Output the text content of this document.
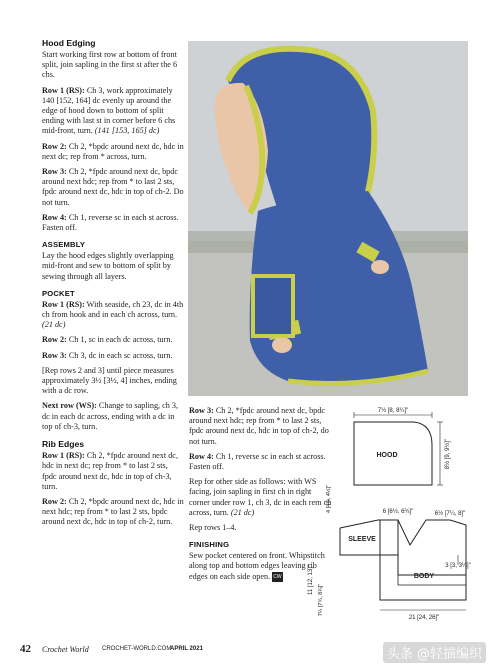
Hood Edging

Start working first row at bottom of front split, join sapling in the first st after the 6 chs.

Row 1 (RS): Ch 3, work approximately 140 [152, 164] dc evenly up around the edge of hood down to bottom of split ending with last st in corner before 6 chs mid-front, turn. (141 [153, 165] dc)

Row 2: Ch 2, *bpdc around next dc, hdc in next dc; rep from * across, turn.

Row 3: Ch 2, *fpdc around next dc, bpdc around next hdc; rep from * to last 2 sts, fpdc around next dc, hdc in top of ch-2. Do not turn.

Row 4: Ch 1, reverse sc in each st across. Fasten off.

ASSEMBLY

Lay the hood edges slightly overlapping mid-front and sew to bottom of split by sewing through all layers.

POCKET

Row 1 (RS): With seaside, ch 23, dc in 4th ch from hook and in each ch across, turn. (21 dc)

Row 2: Ch 1, sc in each dc across, turn.

Row 3: Ch 3, dc in each sc across, turn.

[Rep rows 2 and 3] until piece measures approximately 3½ [3½, 4] inches, ending with a dc row.

Next row (WS): Change to sapling, ch 3, dc in each dc across, ending with a dc in top of ch-3, turn.

Rib Edges

Row 1 (RS): Ch 2, *fpdc around next dc, hdc in next dc; rep from * to last 2 sts, fpdc around next dc, hdc in top of ch-3, turn.

Row 2: Ch 2, *bpdc around next dc, hdc in next hdc; rep from * to last 2 sts, bpdc around next dc, hdc in top of ch-2, turn.

Row 3: Ch 2, *fpdc around next dc, bpdc around next hdc; rep from * to last 2 sts, fpdc around next dc, hdc in top of ch-2, do not turn.

Row 4: Ch 1, reverse sc in each st across. Fasten off.

Rep for other side as follows: with WS facing, join sapling in first ch in right corner under row 1, ch 3, dc in each rem ch across, turn. (21 dc)

Rep rows 1–4.

FINISHING

Sew pocket centered on front. Whipstitch along top and bottom edges leaving rib edges on each side open. CW

7½ [8, 8¼]"
HOOD	8½ [9, 9½]"
SLEEVE
BODY
6 [6½, 6¾]"	6½ [7¼, 8]"
4 [4¼, 4½]"
11 [12, 13]"
7¼ [7¾, 8¼]"
3 [3, 3¼]"
21 [24, 26]"
42 Crochet World CROCHET-WORLD.COM
APRIL 2021	头条 @轻描编织
